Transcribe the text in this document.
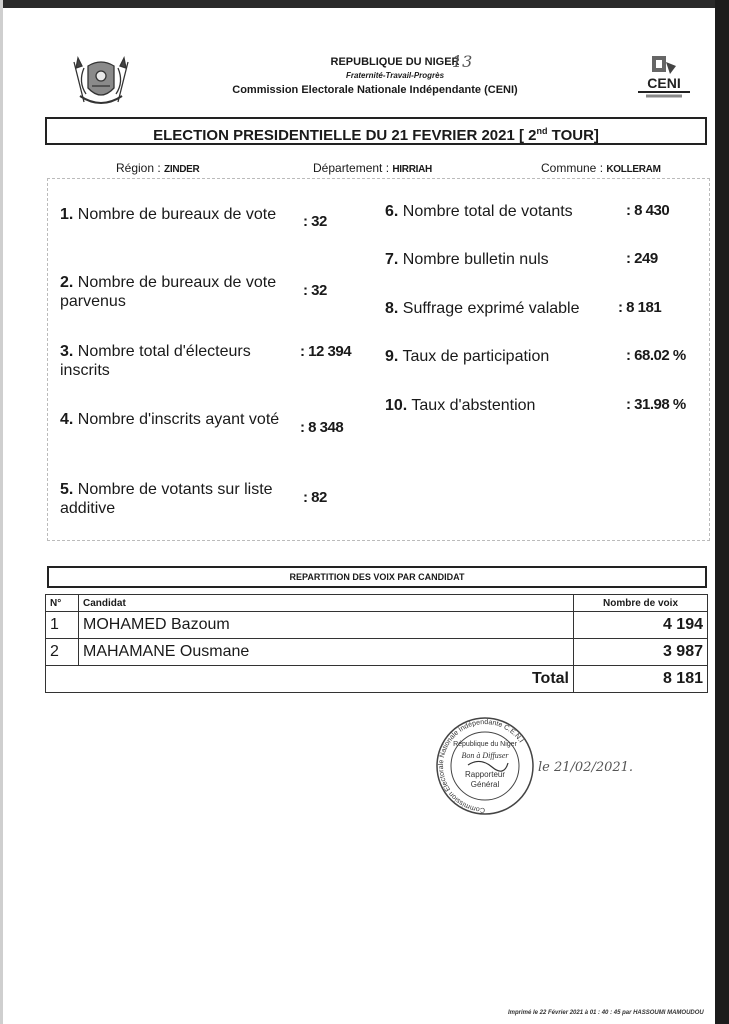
REPUBLIQUE DU NIGER
Fraternité-Travail-Progrès
Commission Electorale Nationale Indépendante (CENI)
13
CENI
ELECTION PRESIDENTIELLE DU 21 FEVRIER 2021 [ 2nd TOUR]
Région : ZINDER	Département : HIRRIAH	Commune : KOLLERAM
1. Nombre de bureaux de vote	: 32
2. Nombre de bureaux de vote parvenus
: 32
3. Nombre total d'électeurs inscrits
: 12 394
4. Nombre d'inscrits ayant voté	: 8 348
5. Nombre de votants sur liste additive
: 82
6. Nombre total de votants	: 8 430
7. Nombre bulletin nuls	: 249
8. Suffrage exprimé valable	: 8 181
9. Taux de participation	: 68.02 %
10. Taux d'abstention	: 31.98 %
REPARTITION DES VOIX PAR CANDIDAT
N°	Candidat	Nombre de voix
1	MOHAMED Bazoum	4 194
2	MAHAMANE Ousmane	3 987
Total		8 181
Commission Electorale Nationale Indépendante C.E.N.I
République du Niger
Bon à Diffuser
Rapporteur
Général
le 21/02/2021.
Imprimé le 22 Février 2021 à 01 : 40 : 45 par HASSOUMI MAMOUDOU
